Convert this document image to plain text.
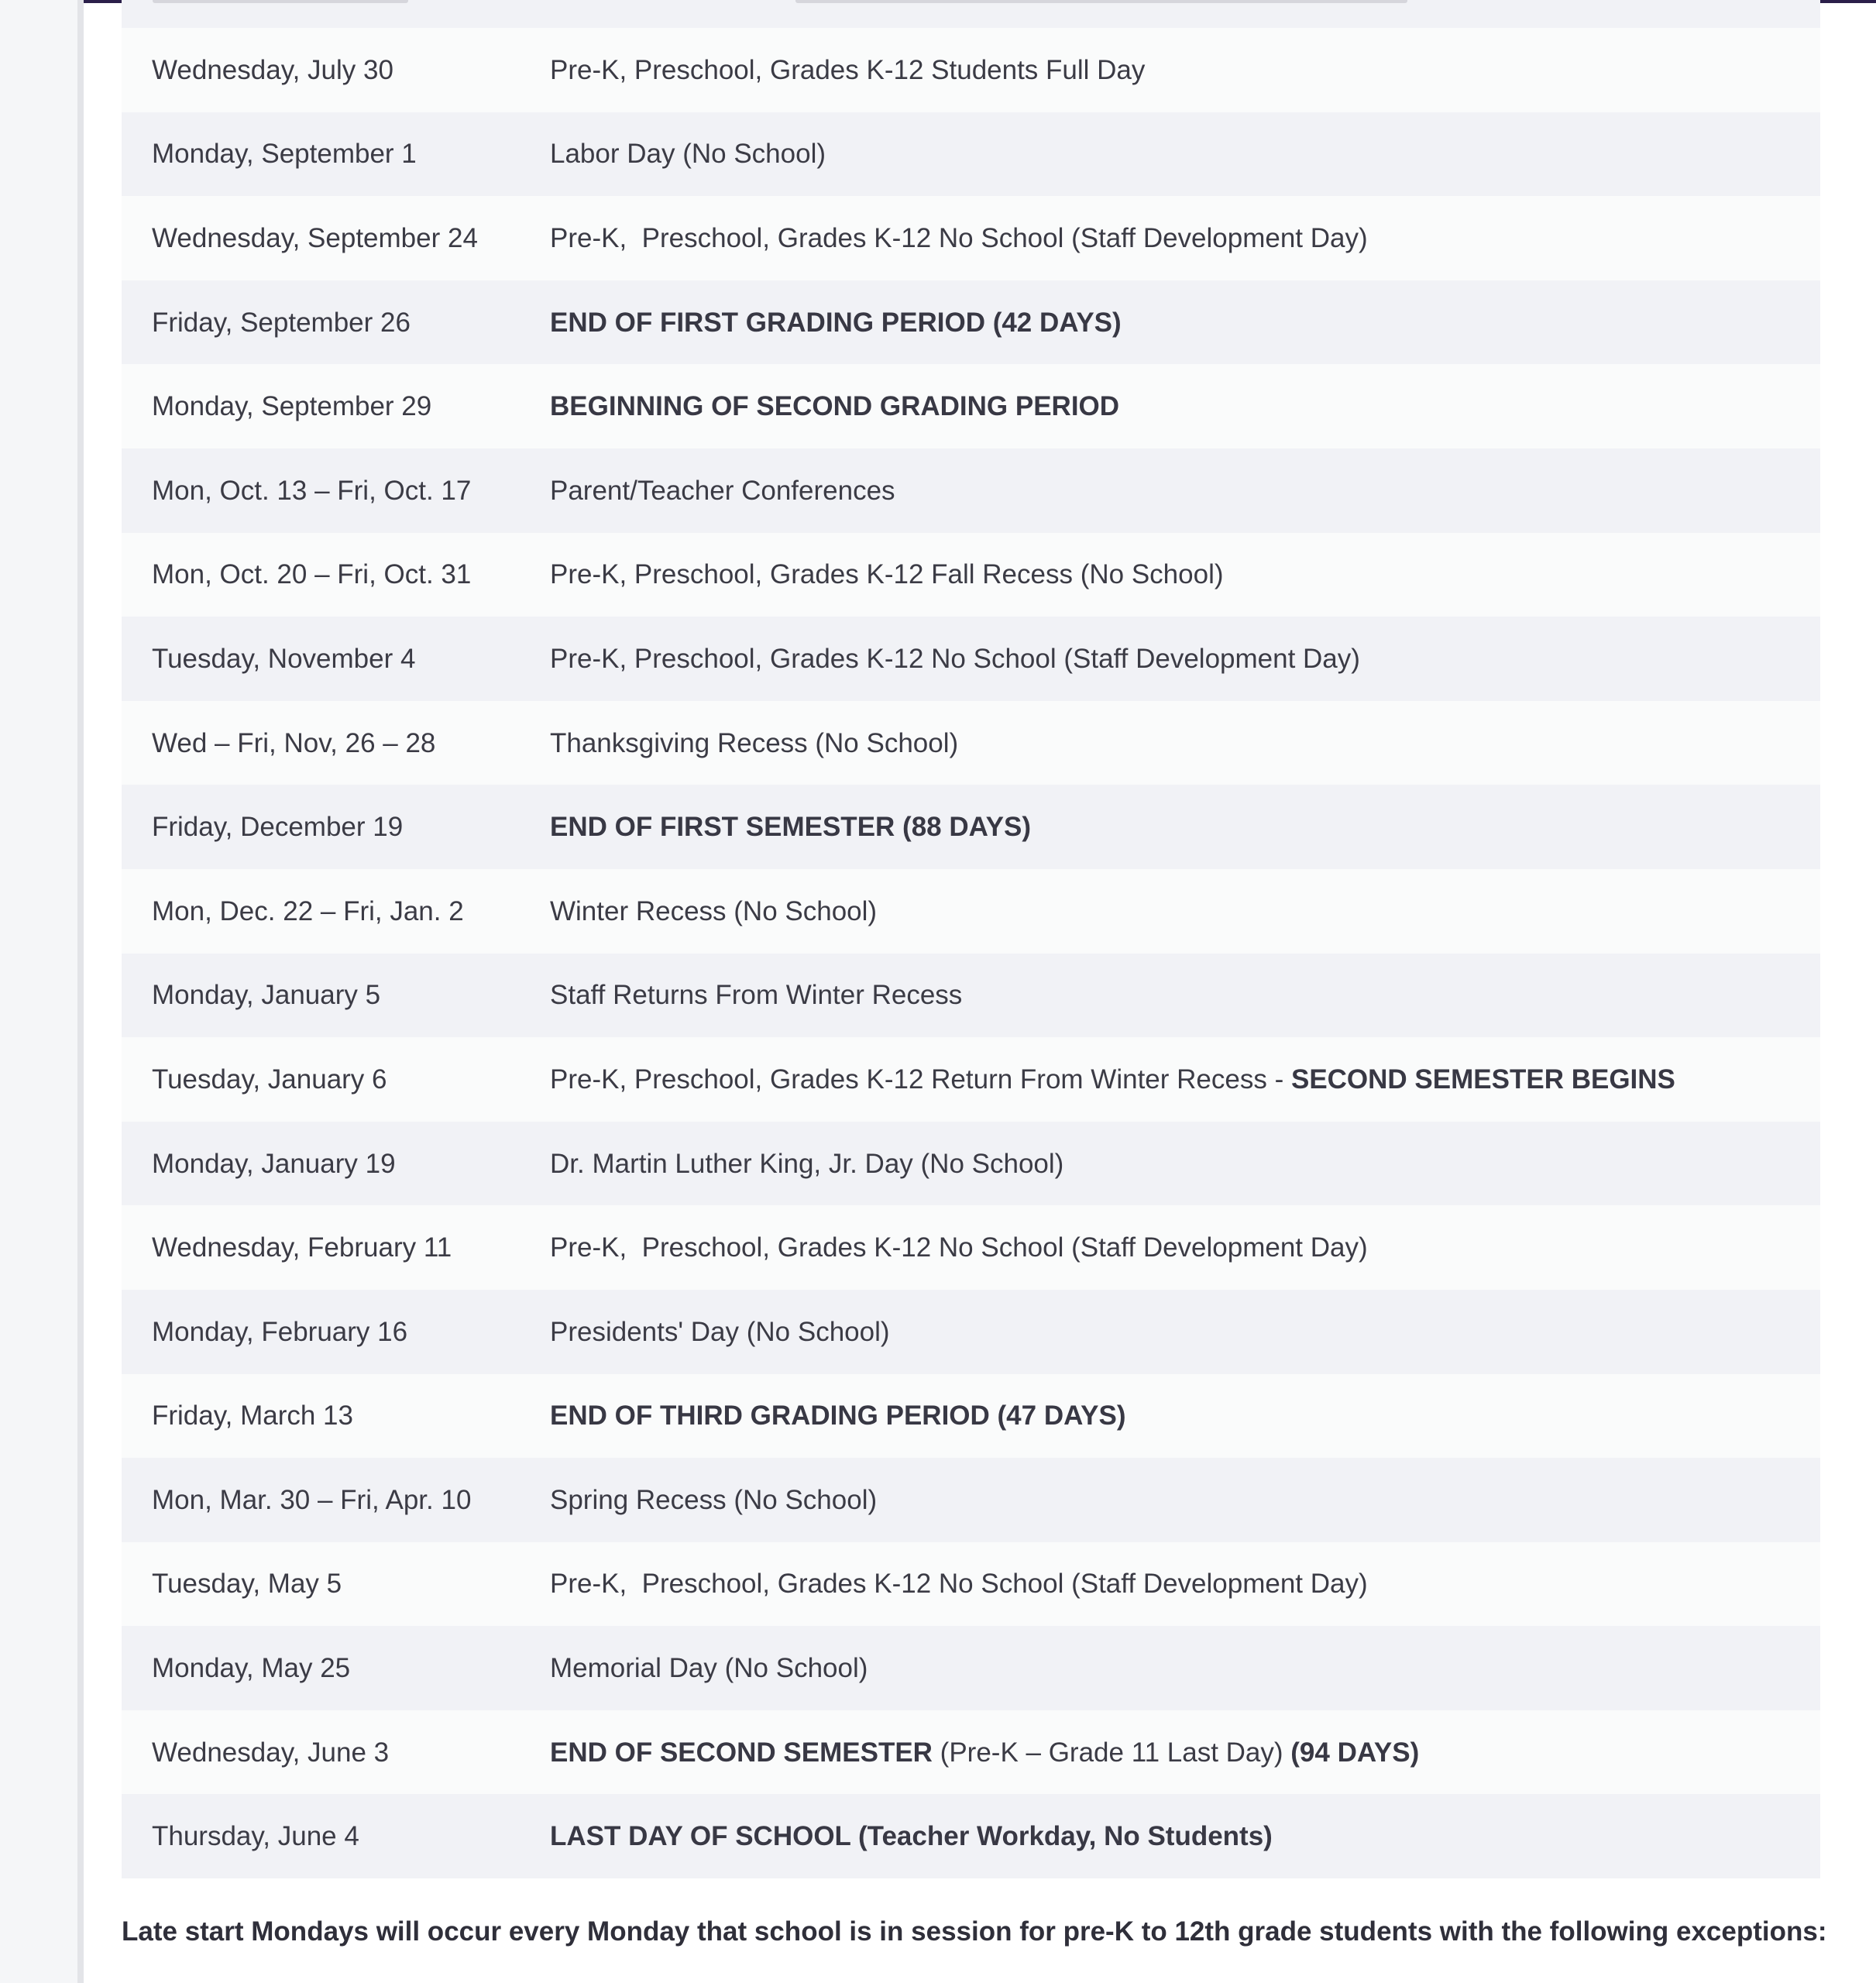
Wednesday, July 30	Pre-K, Preschool, Grades K-12 Students Full Day
Monday, September 1	Labor Day (No School)
Wednesday, September 24	Pre-K,  Preschool, Grades K-12 No School (Staff Development Day)
Friday, September 26	END OF FIRST GRADING PERIOD (42 DAYS)
Monday, September 29	BEGINNING OF SECOND GRADING PERIOD
Mon, Oct. 13 – Fri, Oct. 17	Parent/Teacher Conferences
Mon, Oct. 20 – Fri, Oct. 31	Pre-K, Preschool, Grades K-12 Fall Recess (No School)
Tuesday, November 4	Pre-K, Preschool, Grades K-12 No School (Staff Development Day)
Wed – Fri, Nov, 26 – 28	Thanksgiving Recess (No School)
Friday, December 19	END OF FIRST SEMESTER (88 DAYS)
Mon, Dec. 22 – Fri, Jan. 2	Winter Recess (No School)
Monday, January 5	Staff Returns From Winter Recess
Tuesday, January 6	Pre-K, Preschool, Grades K-12 Return From Winter Recess - SECOND SEMESTER BEGINS
Monday, January 19	Dr. Martin Luther King, Jr. Day (No School)
Wednesday, February 11	Pre-K,  Preschool, Grades K-12 No School (Staff Development Day)
Monday, February 16	Presidents' Day (No School)
Friday, March 13	END OF THIRD GRADING PERIOD (47 DAYS)
Mon, Mar. 30 – Fri, Apr. 10	Spring Recess (No School)
Tuesday, May 5	Pre-K,  Preschool, Grades K-12 No School (Staff Development Day)
Monday, May 25	Memorial Day (No School)
Wednesday, June 3	END OF SECOND SEMESTER (Pre-K – Grade 11 Last Day) (94 DAYS)
Thursday, June 4	LAST DAY OF SCHOOL (Teacher Workday, No Students)
Late start Mondays will occur every Monday that school is in session for pre-K to 12th grade students with the following exceptions:
